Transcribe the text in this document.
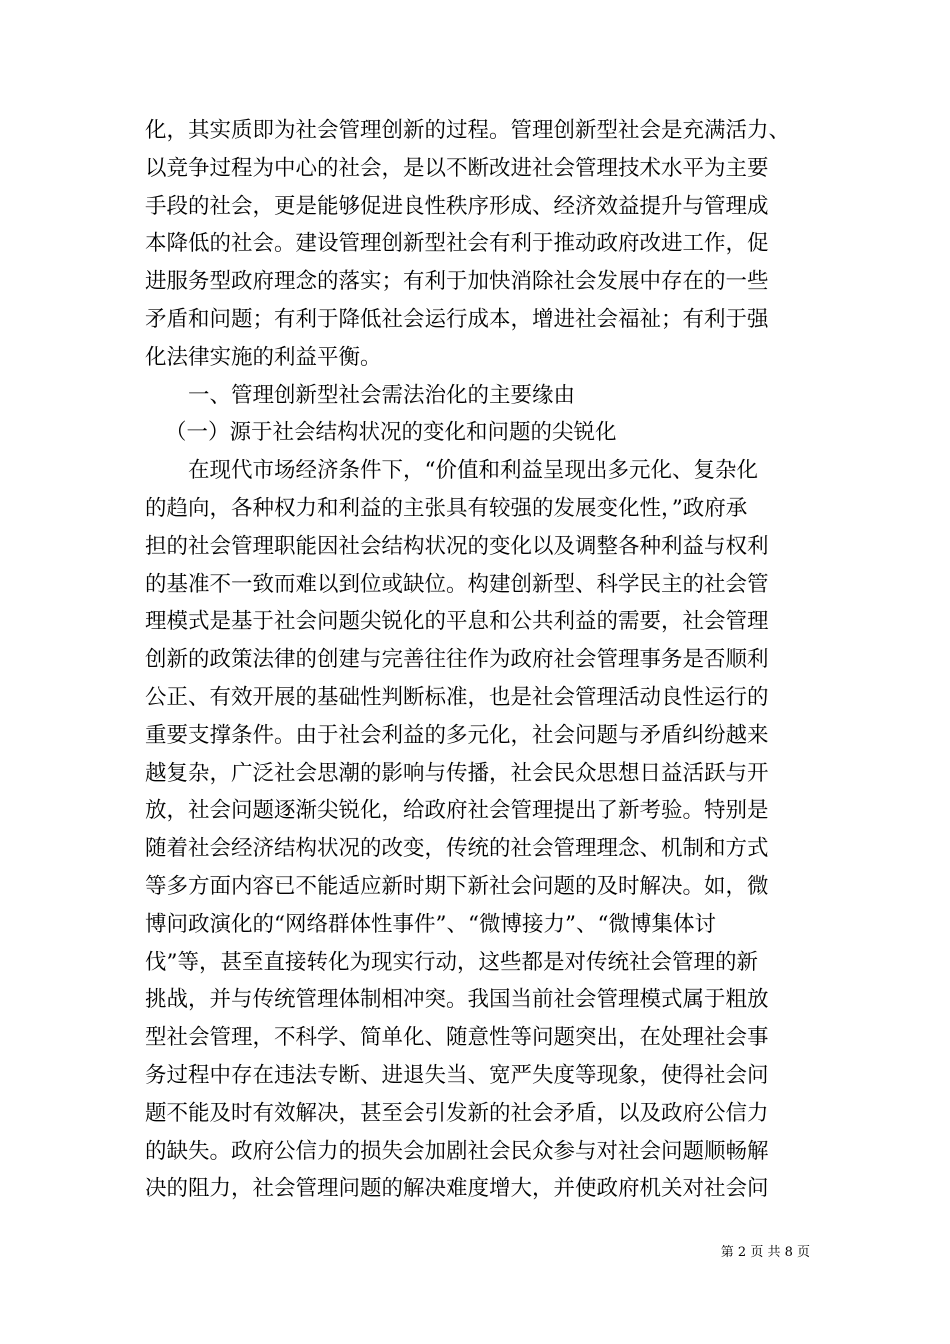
化，其实质即为社会管理创新的过程。管理创新型社会是充满活力、
以竞争过程为中心的社会，是以不断改进社会管理技术水平为主要
手段的社会，更是能够促进良性秩序形成、经济效益提升与管理成
本降低的社会。建设管理创新型社会有利于推动政府改进工作，促
进服务型政府理念的落实；有利于加快消除社会发展中存在的一些
矛盾和问题；有利于降低社会运行成本，增进社会福祉；有利于强
化法律实施的利益平衡。
一、管理创新型社会需法治化的主要缘由
（一）源于社会结构状况的变化和问题的尖锐化
在现代市场经济条件下，“价值和利益呈现出多元化、复杂化
的趋向，各种权力和利益的主张具有较强的发展变化性，”政府承
担的社会管理职能因社会结构状况的变化以及调整各种利益与权利
的基准不一致而难以到位或缺位。构建创新型、科学民主的社会管
理模式是基于社会问题尖锐化的平息和公共利益的需要，社会管理
创新的政策法律的创建与完善往往作为政府社会管理事务是否顺利
公正、有效开展的基础性判断标准，也是社会管理活动良性运行的
重要支撑条件。由于社会利益的多元化，社会问题与矛盾纠纷越来
越复杂，广泛社会思潮的影响与传播，社会民众思想日益活跃与开
放，社会问题逐渐尖锐化，给政府社会管理提出了新考验。特别是
随着社会经济结构状况的改变，传统的社会管理理念、机制和方式
等多方面内容已不能适应新时期下新社会问题的及时解决。如，微
博问政演化的“网络群体性事件”、“微博接力”、“微博集体讨
伐”等，甚至直接转化为现实行动，这些都是对传统社会管理的新
挑战，并与传统管理体制相冲突。我国当前社会管理模式属于粗放
型社会管理，不科学、简单化、随意性等问题突出，在处理社会事
务过程中存在违法专断、进退失当、宽严失度等现象，使得社会问
题不能及时有效解决，甚至会引发新的社会矛盾，以及政府公信力
的缺失。政府公信力的损失会加剧社会民众参与对社会问题顺畅解
决的阻力，社会管理问题的解决难度增大，并使政府机关对社会问
第 2 页 共 8 页
